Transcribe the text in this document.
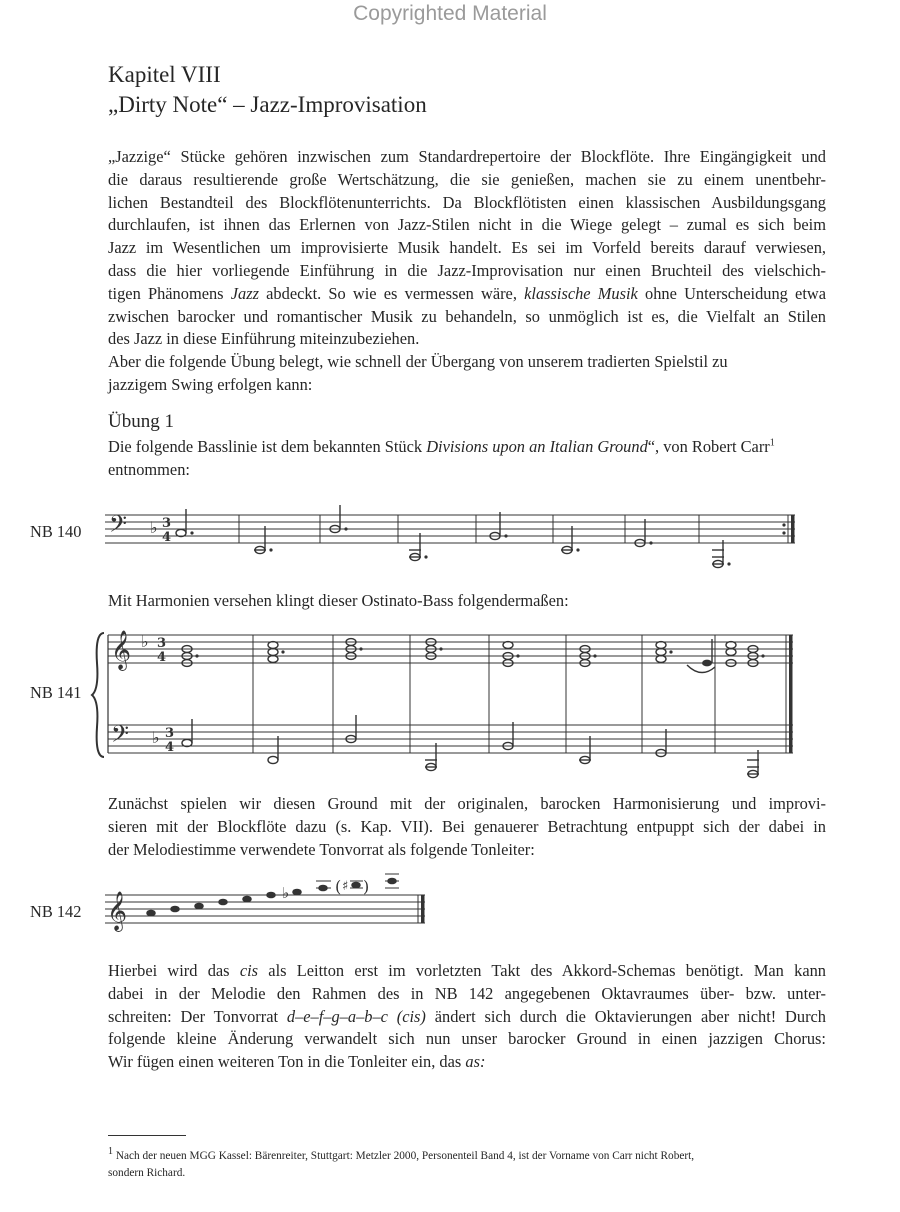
Copyrighted Material
Kapitel VIII
„Dirty Note“ – Jazz-Improvisation

„Jazzige“ Stücke gehören inzwischen zum Standardrepertoire der Blockflöte. Ihre Eingängigkeit und
die daraus resultierende große Wertschätzung, die sie genießen, machen sie zu einem unentbehr-
lichen Bestandteil des Blockflötenunterrichts. Da Blockflötisten einen klassischen Ausbildungsgang
durchlaufen, ist ihnen das Erlernen von Jazz-Stilen nicht in die Wiege gelegt – zumal es sich beim
Jazz im Wesentlichen um improvisierte Musik handelt. Es sei im Vorfeld bereits darauf verwiesen,
dass die hier vorliegende Einführung in die Jazz-Improvisation nur einen Bruchteil des vielschich-
tigen Phänomens Jazz abdeckt. So wie es vermessen wäre, klassische Musik ohne Unterscheidung etwa
zwischen barocker und romantischer Musik zu behandeln, so unmöglich ist es, die Vielfalt an Stilen
des Jazz in diese Einführung miteinzubeziehen.
Aber die folgende Übung belegt, wie schnell der Übergang von unserem tradierten Spielstil zu
jazzigem Swing erfolgen kann:

Übung 1

Die folgende Basslinie ist dem bekannten Stück Divisions upon an Italian Ground“, von Robert Carr$^1$
entnommen:

NB 140 𝄢 ♭ 3
4

Mit Harmonien versehen klingt dieser Ostinato-Bass folgendermaßen:

NB 141
𝄞
𝄢
♭
♭
3
4
3
4

Zunächst spielen wir diesen Ground mit der originalen, barocken Harmonisierung und improvi-
sieren mit der Blockflöte dazu (s. Kap. VII). Bei genauerer Betrachtung entpuppt sich der dabei in
der Melodiestimme verwendete Tonvorrat als folgende Tonleiter:

NB 142 𝄞	♭	( ♯ )

Hierbei wird das cis als Leitton erst im vorletzten Takt des Akkord-Schemas benötigt. Man kann
dabei in der Melodie den Rahmen des in NB 142 angegebenen Oktavraumes über- bzw. unter-
schreiten: Der Tonvorrat d–e–f–g–a–b–c (cis) ändert sich durch die Oktavierungen aber nicht! Durch
folgende kleine Änderung verwandelt sich nun unser barocker Ground in einen jazzigen Chorus:
Wir fügen einen weiteren Ton in die Tonleiter ein, das as:

$^1$ Nach der neuen MGG Kassel: Bärenreiter, Stuttgart: Metzler 2000, Personenteil Band 4, ist der Vorname von Carr nicht Robert,
sondern Richard.
